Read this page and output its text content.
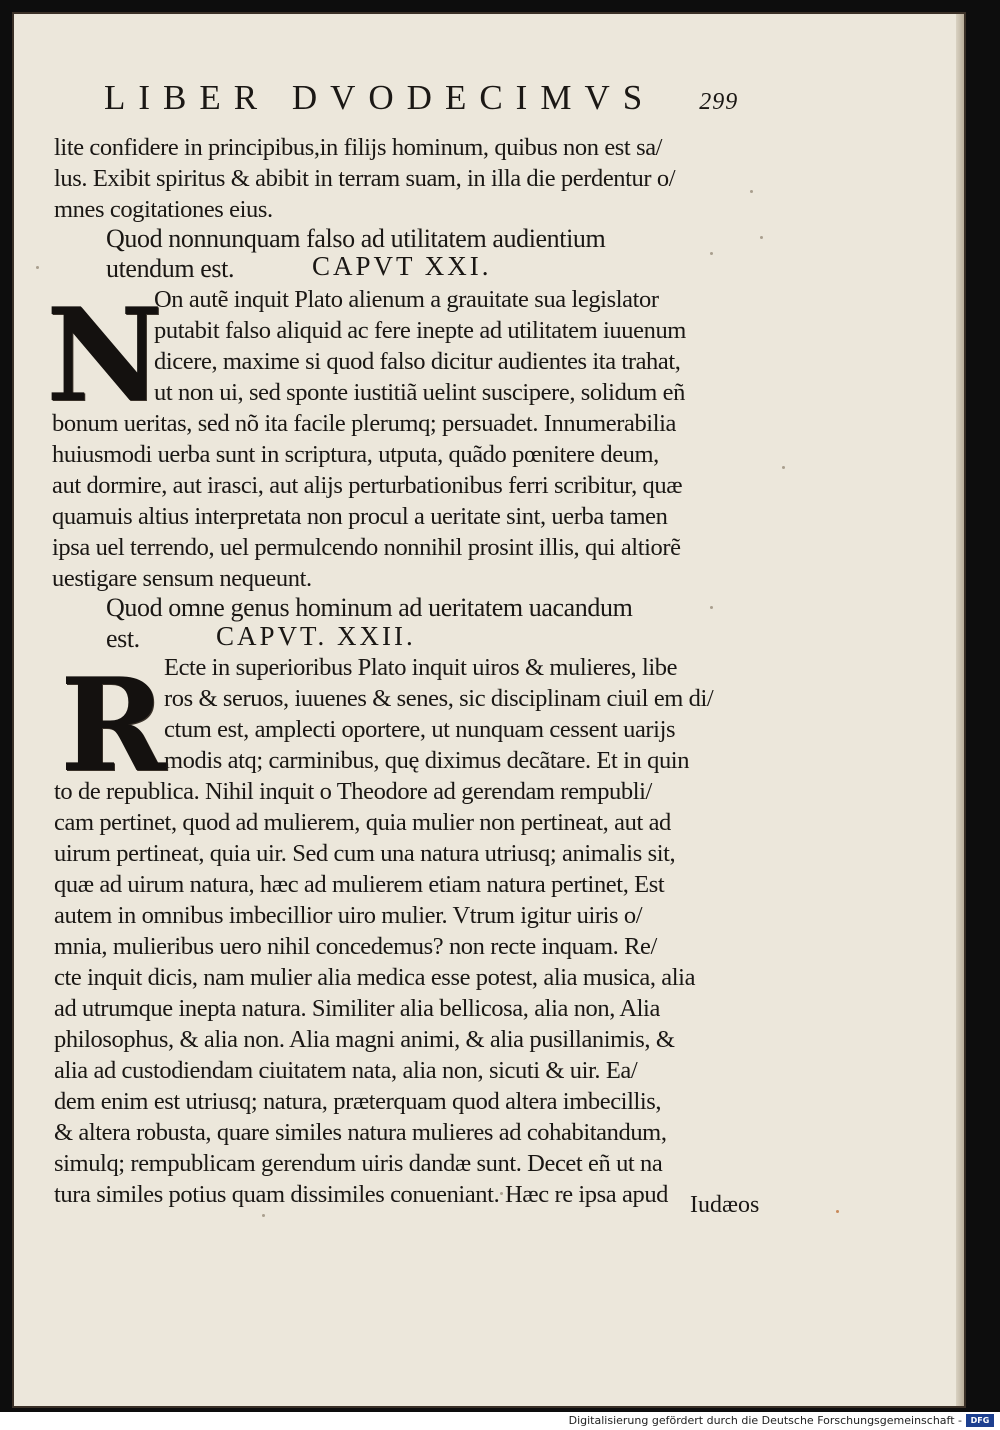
LIBER DVODECIMVS 299
lite confidere in principibus,in filijs hominum, quibus non est sa/
lus. Exibit spiritus & abibit in terram suam, in illa die perdentur o/
mnes cogitationes eius.
Quod nonnunquam falso ad utilitatem audientium
utendum est.	CAPVT XXI.
N
On autẽ inquit Plato alienum a grauitate sua legislator
putabit falso aliquid ac fere inepte ad utilitatem iuuenum
dicere, maxime si quod falso dicitur audientes ita trahat,
ut non ui, sed sponte iustitiã uelint suscipere, solidum eñ
bonum ueritas, sed nõ ita facile plerumq; persuadet. Innumerabilia
huiusmodi uerba sunt in scriptura, utputa, quãdo pœnitere deum,
aut dormire, aut irasci, aut alijs perturbationibus ferri scribitur, quæ
quamuis altius interpretata non procul a ueritate sint, uerba tamen
ipsa uel terrendo, uel permulcendo nonnihil prosint illis, qui altiorẽ
uestigare sensum nequeunt.
Quod omne genus hominum ad ueritatem uacandum
est.	CAPVT. XXII.
R
Ecte in superioribus Plato inquit uiros & mulieres, libe
ros & seruos, iuuenes & senes, sic disciplinam ciuil em di/
ctum est, amplecti oportere, ut nunquam cessent uarijs
modis atq; carminibus, quę diximus decãtare. Et in quin
to de republica. Nihil inquit o Theodore ad gerendam rempubli/
cam pertinet, quod ad mulierem, quia mulier non pertineat, aut ad
uirum pertineat, quia uir. Sed cum una natura utriusq; animalis sit,
quæ ad uirum natura, hæc ad mulierem etiam natura pertinet, Est
autem in omnibus imbecillior uiro mulier. Vtrum igitur uiris o/
mnia, mulieribus uero nihil concedemus? non recte inquam. Re/
cte inquit dicis, nam mulier alia medica esse potest, alia musica, alia
ad utrumque inepta natura. Similiter alia bellicosa, alia non, Alia
philosophus, & alia non. Alia magni animi, & alia pusillanimis, &
alia ad custodiendam ciuitatem nata, alia non, sicuti & uir. Ea/
dem enim est utriusq; natura, præterquam quod altera imbecillis,
& altera robusta, quare similes natura mulieres ad cohabitandum,
simulq; rempublicam gerendum uiris dandæ sunt. Decet eñ ut na
tura similes potius quam dissimiles conueniant. Hæc re ipsa apud Iudæos
Digitalisierung gefördert durch die Deutsche Forschungsgemeinschaft -	DFG
